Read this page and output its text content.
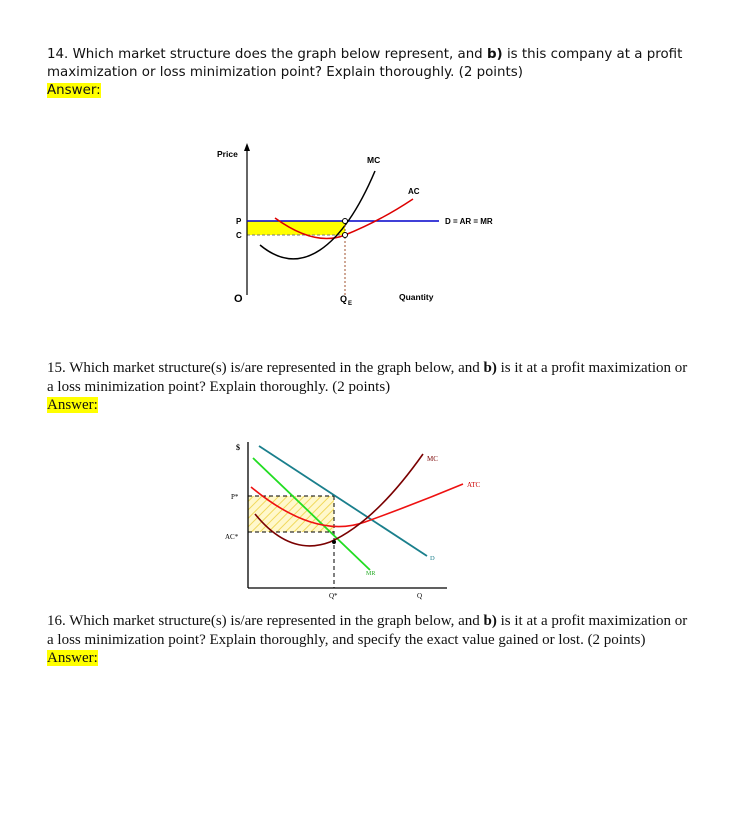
14. Which market structure does the graph below represent, and b) is this company at a profit maximization or loss minimization point? Explain thoroughly. (2 points)
Answer:
Price
MC
AC
D = AR = MR
P
C
O	$Q_E$
Quantity
15. Which market structure(s) is/are represented in the graph below, and b) is it at a profit maximization or a loss minimization point? Explain thoroughly. (2 points)
Answer:
$
P*
AC*
Q*	Q
MC
ATC
D
MR
16. Which market structure(s) is/are represented in the graph below, and b) is it at a profit maximization or a loss minimization point? Explain thoroughly, and specify the exact value gained or lost. (2 points)
Answer:
